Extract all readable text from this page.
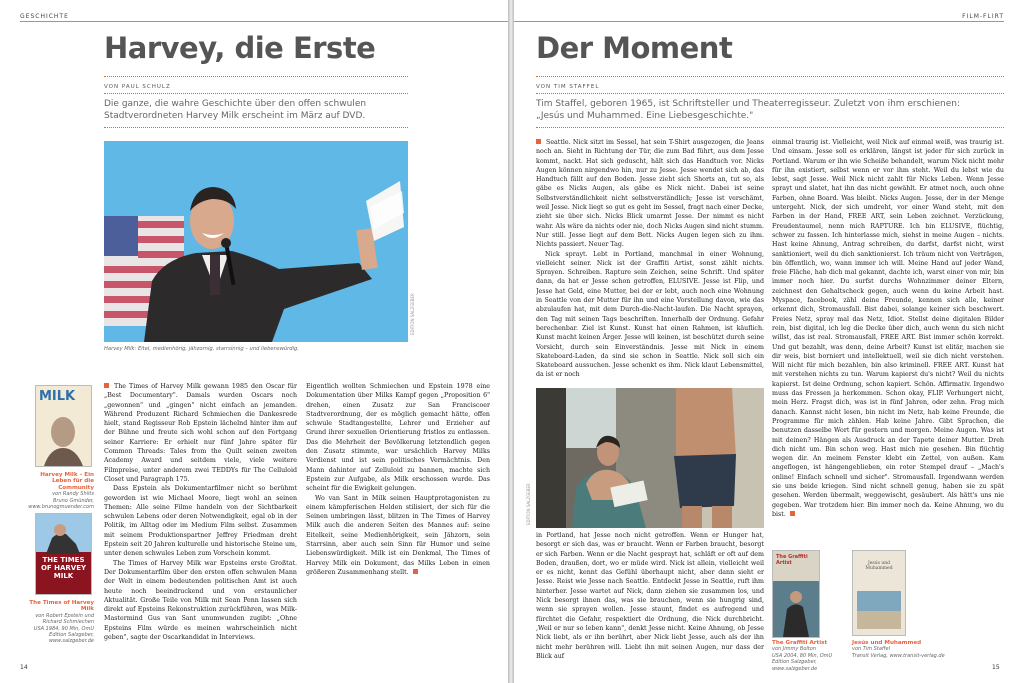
GESCHICHTE
Harvey, die Erste
VON PAUL SCHULZ
Die ganze, die wahre Geschichte über den offen schwulen Stadtverordneten Harvey Milk erscheint im März auf DVD.
EDITION SALZGEBER
Harvey Milk: Eitel, medienhörig, jähzornig, starrsinnig – und liebenswürdig.
MILK
Harvey Milk – Ein Leben für die Community
von Randy Shilts
Bruno Gmünder,
www.brunogmuender.com
THE TIMES OF HARVEY MILK
The Times of Harvey Milk
von Robert Epstein und Richard Schmiechen
USA 1984, 90 Min, OmU
Edition Salzgeber,
www.salzgeber.de

The Times of Harvey Milk gewann 1985 den Oscar für „Best Documentary". Damals wurden Oscars noch „gewonnen" und „gingen" nicht einfach an jemanden. Während Produzent Richard Schmiechen die Dankesrede hielt, stand Regisseur Rob Epstein lächelnd hinter ihm auf der Bühne und freute sich wohl schon auf den Fortgang seiner Karriere: Er erhielt nur fünf Jahre später für Common Threads: Tales from the Quilt seinen zweiten Academy Award und seitdem viele, viele weitere Filmpreise, unter anderem zwei TEDDYs für The Celluloid Closet und Paragraph 175.

Dass Epstein als Dokumentarfilmer nicht so berühmt geworden ist wie Michael Moore, liegt wohl an seinen Themen: Alle seine Filme handeln von der Sichtbarkeit schwulen Lebens oder deren Notwendigkeit, egal ob in der Politik, im Alltag oder im Medium Film selbst. Zusammen mit seinem Produktionspartner Jeffrey Friedman dreht Epstein seit 20 Jahren kulturelle und historische Steine um, unter denen schwules Leben zum Vorschein kommt.

The Times of Harvey Milk war Epsteins erste Großtat. Der Dokumentarfilm über den ersten offen schwulen Mann der Welt in einem bedeutenden politischen Amt ist auch heute noch beeindruckend und von erstaunlicher Aktualität. Große Teile von Milk mit Sean Penn lassen sich direkt auf Epsteins Rekonstruktion zurückführen, was Milk-Mastermind Gus van Sant unumwunden zugibt: „Ohne Epsteins Film würde es meinen wahrscheinlich nicht geben", sagte der Oscarkandidat in Interviews.

Eigentlich wollten Schmiechen und Epstein 1978 eine Dokumentation über Milks Kampf gegen „Proposition 6" drehen, einen Zusatz zur San Franciscoer Stadtverordnung, der es möglich gemacht hätte, offen schwule Stadtangestellte, Lehrer und Erzieher auf Grund ihrer sexuellen Orientierung fristlos zu entlassen. Das die Mehrheit der Bevölkerung letztendlich gegen den Zusatz stimmte, war ursächlich Harvey Milks Verdienst und ist sein politisches Vermächtnis. Den Mann dahinter auf Zelluloid zu bannen, machte sich Epstein zur Aufgabe, als Milk erschossen wurde. Das scheint für die Ewigkeit gelungen.

Wo van Sant in Milk seinen Hauptprotagonisten zu einem kämpferischen Helden stilisiert, der sich für die Seinen umbringen lässt, blitzen in The Times of Harvey Milk auch die anderen Seiten des Mannes auf: seine Eitelkeit, seine Medienhörigkeit, sein Jähzorn, sein Starrsinn, aber auch sein Sinn für Humor und seine Liebenswürdigkeit. Milk ist ein Denkmal, The Times of Harvey Milk ein Dokument, das Milks Leben in einen größeren Zusammenhang stellt.

14
FILM-FLIRT
Der Moment
VON TIM STAFFEL
Tim Staffel, geboren 1965, ist Schriftsteller und Theaterregisseur. Zuletzt von ihm erschienen: „Jesús und Muhammed. Eine Liebesgeschichte."

Seattle. Nick sitzt im Sessel, hat sein T-Shirt ausgezogen, die Jeans noch an. Sieht in Richtung der Tür, die zum Bad führt, aus dem Jesse kommt, nackt. Hat sich geduscht, hält sich das Handtuch vor. Nicks Augen können nirgendwo hin, nur zu Jesse. Jesse wendet sich ab, das Handtuch fällt auf den Boden. Jesse zieht sich Shorts an, tut so, als gäbe es Nicks Augen, als gäbe es Nick nicht. Dabei ist seine Selbstverständlichkeit nicht selbstverständlich; Jesse ist verschämt, weil Jesse. Nick liegt so gut es geht im Sessel, fragt nach einer Decke, zieht sie über sich. Nicks Blick umarmt Jesse. Der nimmt es nicht wahr. Als wäre da nichts oder nie, doch Nicks Augen sind nicht stumm. Nur still. Jesse liegt auf dem Bett. Nicks Augen legen sich zu ihm. Nichts passiert. Neuer Tag.

Nick sprayt. Lebt in Portland, manchmal in einer Wohnung, vielleicht seiner. Nick ist der Graffiti Artist, sonst zählt nichts. Sprayen. Schreiben. Rapture sein Zeichen, seine Schrift. Und später dann, da hat er Jesse schon getroffen, ELUSIVE. Jesse ist Flip, und Jesse hat Geld, eine Mutter, bei der er lebt, auch noch eine Wohnung in Seattle von der Mutter für ihn und eine Vorstellung davon, wie das abzulaufen hat, mit dem Durch-die-Nacht-laufen. Die Nacht sprayen, den Tag mit seinen Tags beschriften. Innerhalb der Ordnung. Gefahr berechenbar. Ziel ist Kunst. Kunst hat einen Rahmen, ist käuflich. Kunst macht keinen Ärger. Jesse will keinen, ist beschützt durch seine Vorsicht, durch sein Einverständnis. Jesse mit Nick in einem Skateboard-Laden, da sind sie schon in Seattle. Nick soll sich ein Skateboard aussuchen. Jesse schenkt es ihm. Nick klaut Lebensmittel, da ist er noch

EDITION SALZGEBER

in Portland, hat Jesse noch nicht getroffen. Wenn er Hunger hat, besorgt er sich das, was er braucht. Wenn er Farben braucht, besorgt er sich Farben. Wenn er die Nacht gesprayt hat, schläft er oft auf dem Boden, draußen, dort, wo er müde wird. Nick ist allein, vielleicht weil er es nicht, kennt das Gefühl überhaupt nicht, aber dann sieht er Jesse. Reist wie Jesse nach Seattle. Entdeckt Jesse in Seattle, ruft ihm hinterher. Jesse wartet auf Nick, dann ziehen sie zusammen los, und Nick besorgt ihnen das, was sie brauchen, wenn sie hungrig sind, wenn sie sprayen wollen. Jesse staunt, findet es aufregend und fürchtet die Gefahr, respektiert die Ordnung, die Nick durchbricht. ‚Weil er nur so leben kann", denkt Jesse nicht. Keine Ahnung, ob Jesse Nick liebt, als er ihn berührt, aber Nick liebt Jesse, auch als der ihn nicht mehr berühren will. Liebt ihn mit seinen Augen, nur dass der Blick auf

einmal traurig ist. Vielleicht, weil Nick auf einmal weiß, was traurig ist. Und einsam. Jesse soll es erklären, längst ist jeder für sich zurück in Portland. Warum er ihn wie Scheiße behandelt, warum Nick nicht mehr für ihn existiert, selbst wenn er vor ihm steht. Weil du lebst wie du lebst, sagt Jesse. Weil Nick nicht zahlt für Nicks Leben. Wenn Jesse sprayt und slatet, hat ihn das nicht gewählt. Er atmet noch, auch ohne Farben, ohne Board. Was bleibt. Nicks Augen. Jesse, der in der Menge untergeht. Nick, der sich umdreht, vor einer Wand steht, mit den Farben in der Hand, FREE ART, sein Leben zeichnet. Verzückung, Freudentaumel, nenn mich RAPTURE. Ich bin ELUSIVE, flüchtig, schwer zu fassen. Ich hinterlasse mich, siehst in meine Augen – nichts. Hast keine Ahnung, Antrag schreiben, du darfst, darfst nicht, wirst sanktioniert, weil du dich sanktionierst. Ich träum nicht von Verträgen, bin öffentlich, wo, wann immer ich will. Meine Hand auf jeder Wand, freie Fläche, hab dich mal gekannt, dachte ich, warst einer von mir, bin immer noch hier. Du surfst durchs Wohnzimmer deiner Eltern, zeichnest den Gehaltscheck gegen, auch wenn du keine Arbeit hast. Myspace, facebook, zähl deine Freunde, kennen sich alle, keiner erkennt dich, Stromausfall. Bist dabei, solange keiner sich beschwert. Freies Netz, spray mal das Netz, Idiot. Stellst deine digitalen Bilder rein, bist digital, ich leg die Decke über dich, auch wenn du sich nicht willst, das ist real. Stromausfall, FREE ART. Bist immer schön korrekt. Und gut bezahlt, was denn, deine Arbeit? Kunst ist elitär, machen sie dir weis, bist borniert und intellektuell, weil sie dich nicht verstehen. Will nicht für mich bezahlen, bin also kriminell. FREE ART. Kunst hat mit verstehen nichts zu tun. Warum kapierst du's nicht? Weil du nichts kapierst. Ist deine Ordnung, schon kapiert. Schön. Affirmativ. Irgendwo muss das Fressen ja herkommen. Schon okay, FLIP. Verhungert nicht, mein Herz. Fragst dich, was ist in fünf Jahren, oder zehn. Frag mich danach. Kannst nicht lesen, bin nicht im Netz, hab keine Freunde, die Programme für mich zählen. Hab keine Jahre. Gibt Sprachen, die benutzen dasselbe Wort für gestern und morgen. Meine Augen. Was ist mit deinen? Hängen als Ausdruck an der Tapete deiner Mutter. Dreh dich nicht um. Bin schon weg. Hast mich nie gesehen. Bin flüchtig wegen dir. An meinem Fenster klebt ein Zettel, von außen. Kam angeflogen, ist hängengeblieben, ein roter Stempel drauf – „Mach's online! Einfach schnell und sicher". Stromausfall. Irgendwann werden sie uns beide kriegen. Sind nicht schnell genug, haben sie zu spät gesehen. Werden übermalt, weggewischt, gesäubert. Als hätt's uns nie gegeben. War trotzdem hier. Bin immer noch da. Keine Ahnung, wo du bist.

The Graffiti Artist
The Graffiti Artist
von Jimmy Bolton
USA 2004, 80 Min, OmU
Edition Salzgeber,
www.salzgeber.de
Jesús und Muhammed
Jesús und Muhammed
von Tim Staffel
Transit Verlag, www.transit-verlag.de
15
